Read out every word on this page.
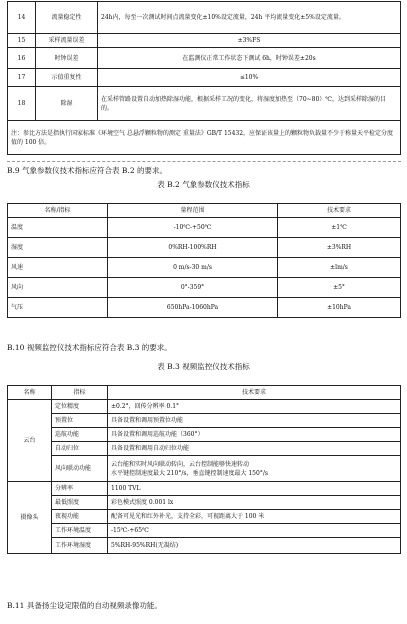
14	流量稳定性	24h内，每至一次测试时间点流量变化±10%设定流量，24h 平均流量变化±5%设定流量。
15	采样流量误差	±3%FS
16	时钟误差	在监测仪正常工作状态下测试 6h，时钟误差±20s
17	示值重复性	≤10%
18	除湿	在采样管路设置自动加热除湿功能，根据采样工况的变化，将湿度加热至（70~80）℃，达到采样除湿的目的。
注：参比方法是指执行国家标准《环境空气 总悬浮颗粒物的测定 重量法》GB/T 15432，应保证该量上的颗粒物负载量不少于称量天平检定分度值的 100 倍。		
B.9 气象参数仪技术指标应符合表 B.2 的要求。
表 B.2 气象参数仪技术指标
名称/指标	量程范围	技术要求
温度	-10℃-+50℃	±1℃
湿度	0%RH-100%RH	±3%RH
风速	0 m/s-30 m/s	±lm/s
风向	0°-359°	±5°
气压	650hPa-1060hPa	±10hPa
B.10 视频监控仪技术指标应符合表 B.3 的要求。
表 B.3 视频监控仪技术指标
名称	指标	技术要求
云台	定位精度	±0.2°，回传分辨率 0.1°
	预置位	具备设置和调用预置位功能
	巡航功能	具备设置和调用巡航功能（360°）
	自动归位	具备设置和调用自动归位功能
	风向联动功能	云台能和实时风向联动转向，云台控制能够快速转动
水平键控制速度最大 210°/s，垂直键控制速度最大 150°/s

摄像头	分辨率	1100 TVL
	最低照度	彩色模式照度 0.001 lx
	夜视功能	配备可见光和红外补光，支持全彩，可视距离大于 100 米
	工作环境温度	-15℃-+65℃
	工作环境湿度	5%RH-95%RH(无凝结)
B.11 具备扬尘设定限值的自动视频录像功能。
